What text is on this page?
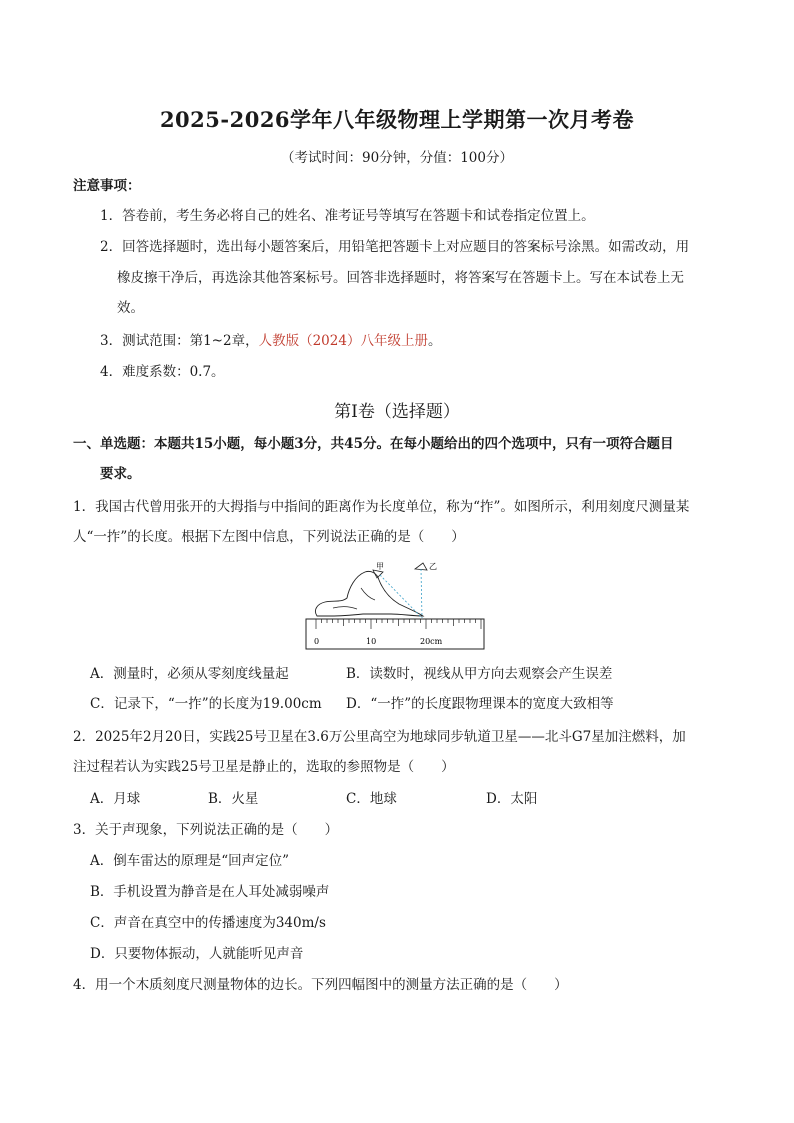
2025-2026学年八年级物理上学期第一次月考卷
（考试时间：90分钟，分值：100分）
注意事项：
1．答卷前，考生务必将自己的姓名、准考证号等填写在答题卡和试卷指定位置上。
2．回答选择题时，选出每小题答案后，用铅笔把答题卡上对应题目的答案标号涂黑。如需改动，用
橡皮擦干净后，再选涂其他答案标号。回答非选择题时，将答案写在答题卡上。写在本试卷上无
效。
3．测试范围：第1~2章，人教版（2024）八年级上册。
4．难度系数：0.7。
第Ⅰ卷（选择题）
一、单选题：本题共15小题，每小题3分，共45分。在每小题给出的四个选项中，只有一项符合题目
要求。
1．我国古代曾用张开的大拇指与中指间的距离作为长度单位，称为“拃”。如图所示，利用刻度尺测量某
人“一拃”的长度。根据下左图中信息，下列说法正确的是（　　）
0	10	20cm
甲	乙
A．测量时，必须从零刻度线量起	B．读数时，视线从甲方向去观察会产生误差
C．记录下，“一拃”的长度为19.00cm D．“一拃”的长度跟物理课本的宽度大致相等
2．2025年2月20日，实践25号卫星在3.6万公里高空为地球同步轨道卫星——北斗G7星加注燃料，加
注过程若认为实践25号卫星是静止的，选取的参照物是（　　）
A．月球	B．火星	C．地球	D．太阳
3．关于声现象，下列说法正确的是（　　）
A．倒车雷达的原理是“回声定位”
B．手机设置为静音是在人耳处减弱噪声
C．声音在真空中的传播速度为340m/s
D．只要物体振动，人就能听见声音
4．用一个木质刻度尺测量物体的边长。下列四幅图中的测量方法正确的是（　　）
